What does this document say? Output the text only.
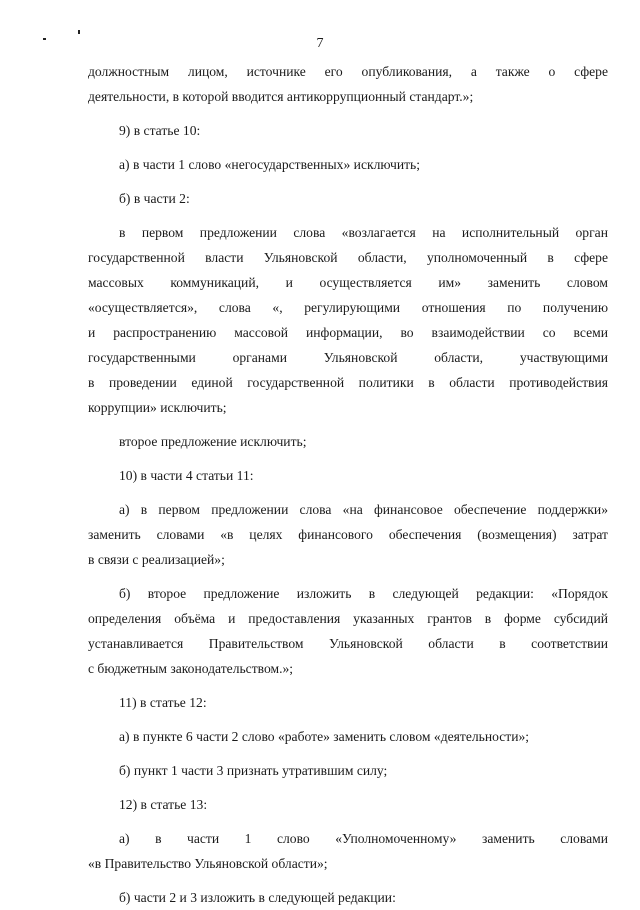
7
должностным лицом, источнике его опубликования, а также о сфере
деятельности, в которой вводится антикоррупционный стандарт.»;
9) в статье 10:
а) в части 1 слово «негосударственных» исключить;
б) в части 2:
в первом предложении слова «возлагается на исполнительный орган
государственной власти Ульяновской области, уполномоченный в сфере
массовых коммуникаций, и осуществляется им» заменить словом
«осуществляется», слова «, регулирующими отношения по получению
и распространению массовой информации, во взаимодействии со всеми
государственными органами Ульяновской области, участвующими
в проведении единой государственной политики в области противодействия
коррупции» исключить;
второе предложение исключить;
10) в части 4 статьи 11:
а) в первом предложении слова «на финансовое обеспечение поддержки»
заменить словами «в целях финансового обеспечения (возмещения) затрат
в связи с реализацией»;
б) второе предложение изложить в следующей редакции: «Порядок
определения объёма и предоставления указанных грантов в форме субсидий
устанавливается Правительством Ульяновской области в соответствии
с бюджетным законодательством.»;
11) в статье 12:
а) в пункте 6 части 2 слово «работе» заменить словом «деятельности»;
б) пункт 1 части 3 признать утратившим силу;
12) в статье 13:
а) в части 1 слово «Уполномоченному» заменить словами
«в Правительство Ульяновской области»;
б) части 2 и 3 изложить в следующей редакции:
